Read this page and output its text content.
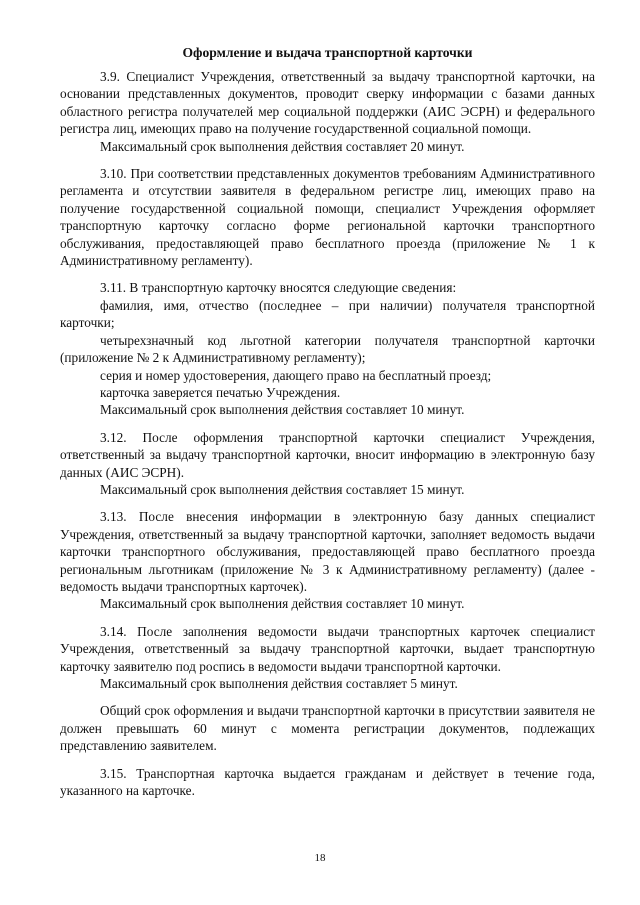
Оформление и выдача транспортной карточки

3.9. Специалист Учреждения, ответственный за выдачу транспортной карточки, на основании представленных документов, проводит сверку информации с базами данных областного регистра получателей мер социальной поддержки (АИС ЭСРН) и федерального регистра лиц, имеющих право на получение государственной социальной помощи.

Максимальный срок выполнения действия составляет 20 минут.

3.10. При соответствии представленных документов требованиям Административного регламента и отсутствии заявителя в федеральном регистре лиц, имеющих право на получение государственной социальной помощи, специалист Учреждения оформляет транспортную карточку согласно форме региональной карточки транспортного обслуживания, предоставляющей право бесплатного проезда (приложение № 1 к Административному регламенту).

3.11. В транспортную карточку вносятся следующие сведения:

фамилия, имя, отчество (последнее – при наличии) получателя транспортной карточки;

четырехзначный код льготной категории получателя транспортной карточки (приложение № 2 к Административному регламенту);

серия и номер удостоверения, дающего право на бесплатный проезд;

карточка заверяется печатью Учреждения.

Максимальный срок выполнения действия составляет 10 минут.

3.12. После оформления транспортной карточки специалист Учреждения, ответственный за выдачу транспортной карточки, вносит информацию в электронную базу данных (АИС ЭСРН).

Максимальный срок выполнения действия составляет 15 минут.

3.13. После внесения информации в электронную базу данных специалист Учреждения, ответственный за выдачу транспортной карточки, заполняет ведомость выдачи карточки транспортного обслуживания, предоставляющей право бесплатного проезда региональным льготникам (приложение № 3 к Административному регламенту) (далее - ведомость выдачи транспортных карточек).

Максимальный срок выполнения действия составляет 10 минут.

3.14. После заполнения ведомости выдачи транспортных карточек специалист Учреждения, ответственный за выдачу транспортной карточки, выдает транспортную карточку заявителю под роспись в ведомости выдачи транспортной карточки.

Максимальный срок выполнения действия составляет 5 минут.

Общий срок оформления и выдачи транспортной карточки в присутствии заявителя не должен превышать 60 минут с момента регистрации документов, подлежащих представлению заявителем.

3.15. Транспортная карточка выдается гражданам и действует в течение года, указанного на карточке.

18
